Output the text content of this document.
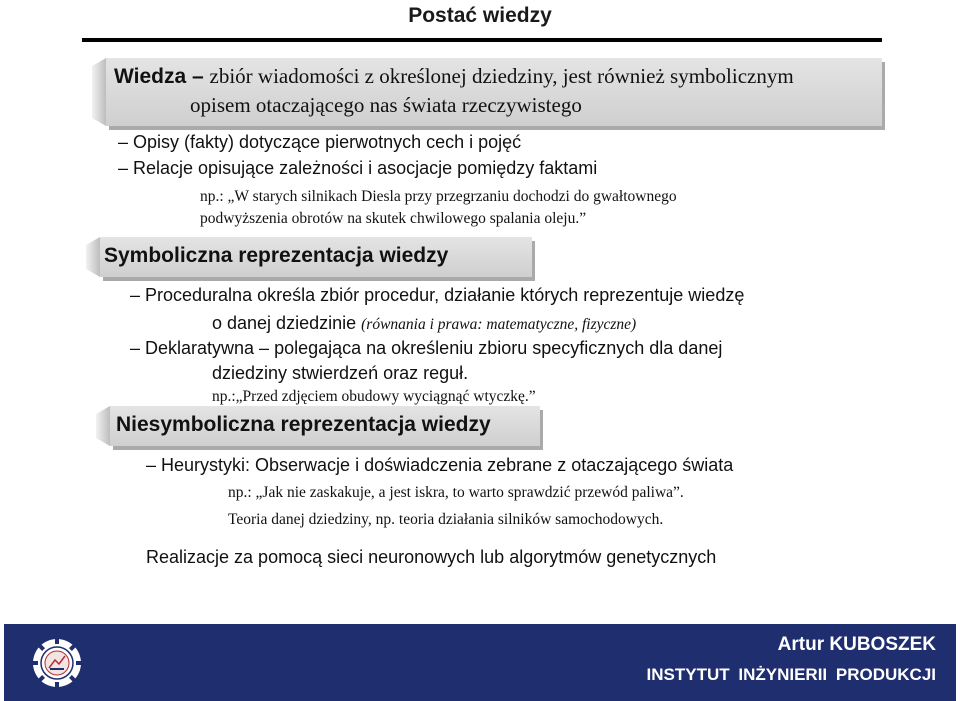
Postać wiedzy
Wiedza – zbiór wiadomości z określonej dziedziny, jest również symbolicznym
opisem otaczającego nas świata rzeczywistego
– Opisy (fakty) dotyczące pierwotnych cech i pojęć
– Relacje opisujące zależności i asocjacje pomiędzy faktami
np.: „W starych silnikach Diesla przy przegrzaniu dochodzi do gwałtownego
podwyższenia obrotów na skutek chwilowego spalania oleju.”
Symboliczna reprezentacja wiedzy
– Proceduralna określa zbiór procedur, działanie których reprezentuje wiedzę
o danej dziedzinie (równania i prawa: matematyczne, fizyczne)
– Deklaratywna – polegająca na określeniu zbioru specyficznych dla danej
dziedziny stwierdzeń oraz reguł.
np.:„Przed zdjęciem obudowy wyciągnąć wtyczkę.”
Niesymboliczna reprezentacja wiedzy
– Heurystyki: Obserwacje i doświadczenia zebrane z otaczającego świata
np.: „Jak nie zaskakuje, a jest iskra, to warto sprawdzić przewód paliwa”.
Teoria danej dziedziny, np. teoria działania silników samochodowych.
Realizacje za pomocą sieci neuronowych lub algorytmów genetycznych
Artur KUBOSZEK
INSTYTUT INŻYNIERII PRODUKCJI
